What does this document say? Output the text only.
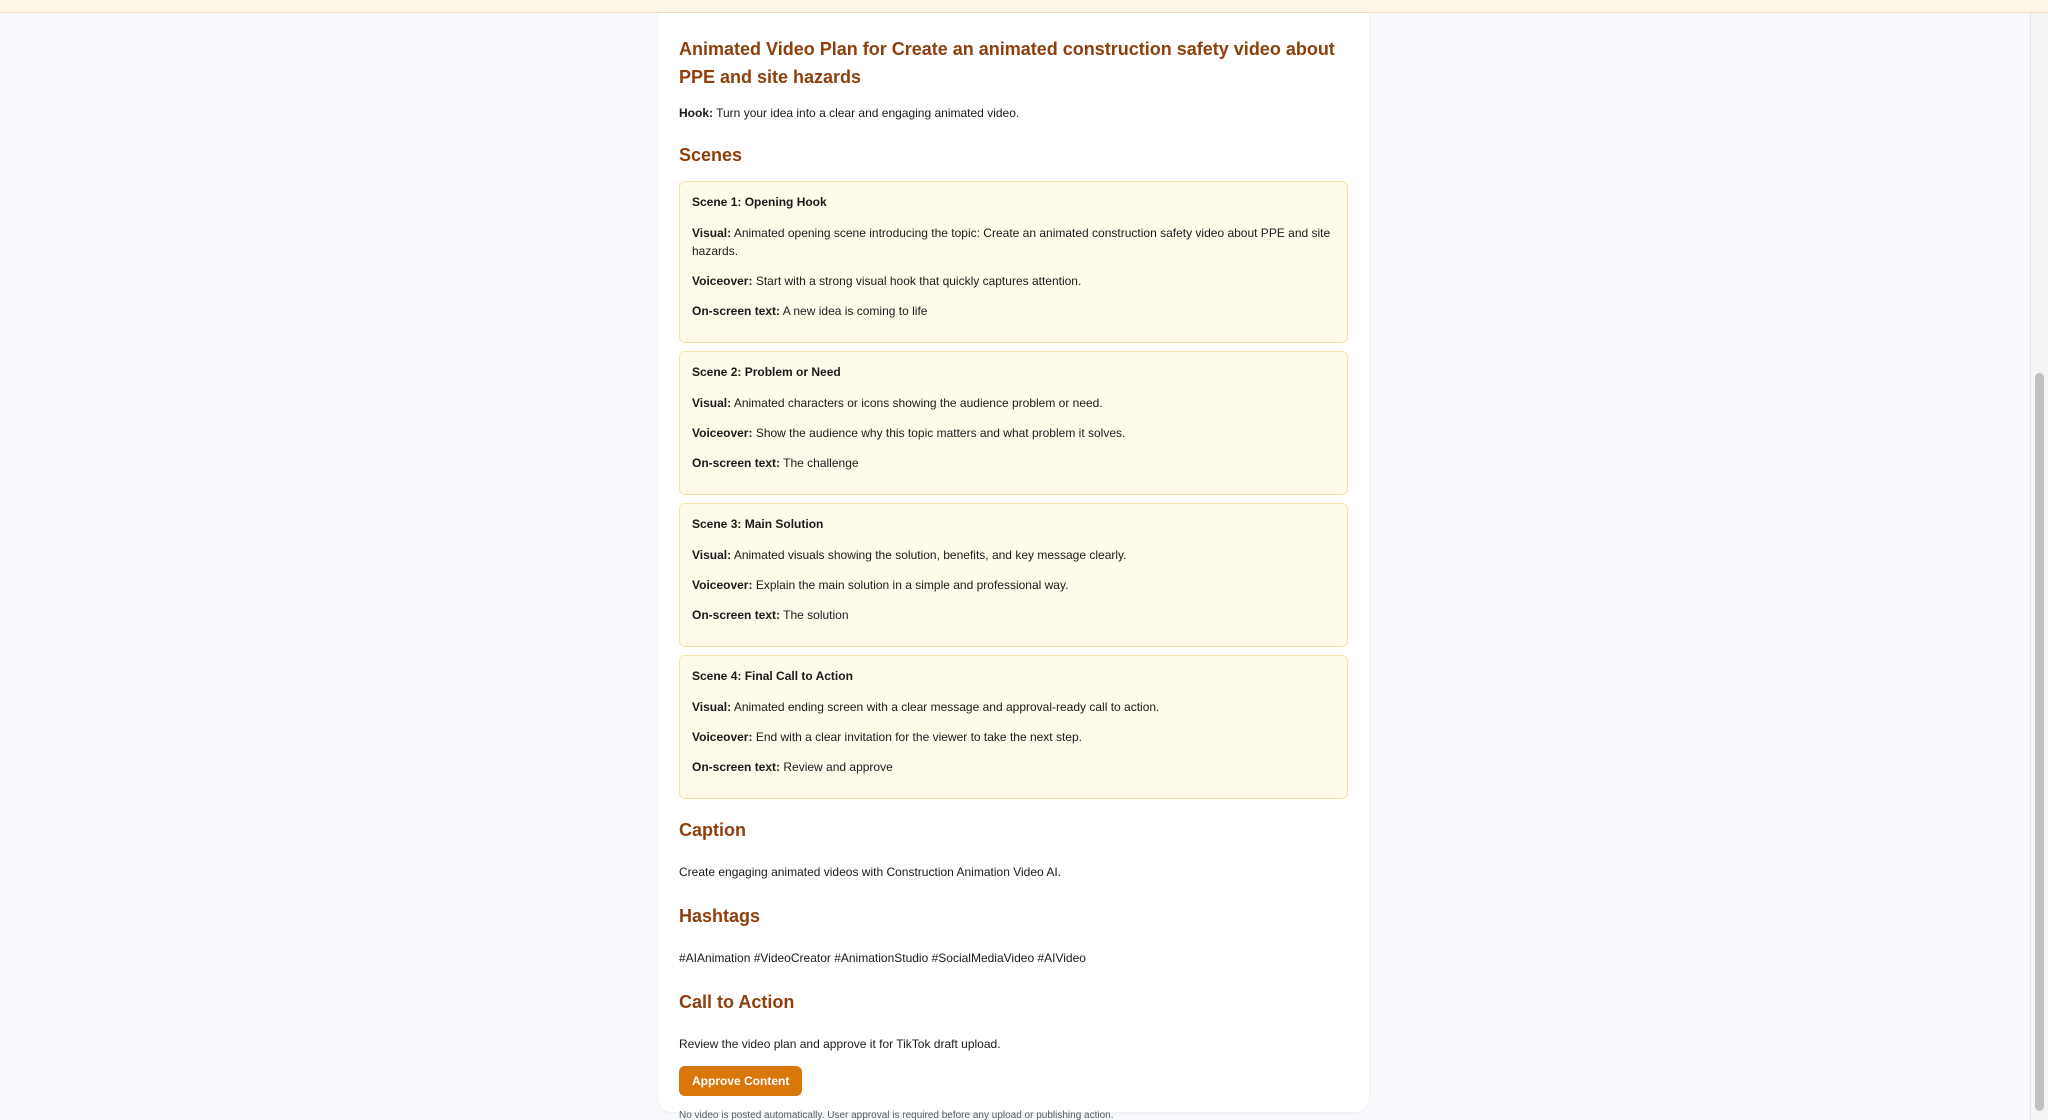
Animated Video Plan for Create an animated construction safety video about PPE and site hazards

Hook: Turn your idea into a clear and engaging animated video.

Scenes
Scene 1: Opening Hook

Visual: Animated opening scene introducing the topic: Create an animated construction safety video about PPE and site hazards.

Voiceover: Start with a strong visual hook that quickly captures attention.

On-screen text: A new idea is coming to life

Scene 2: Problem or Need

Visual: Animated characters or icons showing the audience problem or need.

Voiceover: Show the audience why this topic matters and what problem it solves.

On-screen text: The challenge

Scene 3: Main Solution

Visual: Animated visuals showing the solution, benefits, and key message clearly.

Voiceover: Explain the main solution in a simple and professional way.

On-screen text: The solution

Scene 4: Final Call to Action

Visual: Animated ending screen with a clear message and approval-ready call to action.

Voiceover: End with a clear invitation for the viewer to take the next step.

On-screen text: Review and approve

Caption

Create engaging animated videos with Construction Animation Video AI.

Hashtags

#AIAnimation #VideoCreator #AnimationStudio #SocialMediaVideo #AIVideo

Call to Action

Review the video plan and approve it for TikTok draft upload.

Approve Content

No video is posted automatically. User approval is required before any upload or publishing action.
